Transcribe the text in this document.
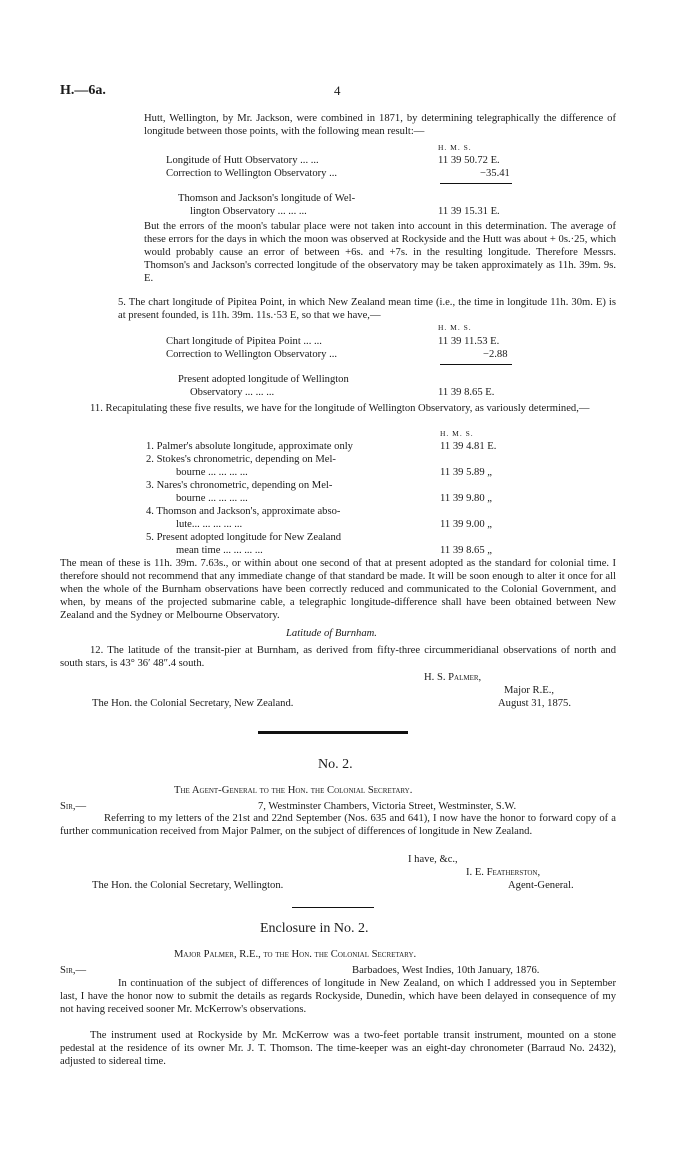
H.—6a.	4
Hutt, Wellington, by Mr. Jackson, were combined in 1871, by determining telegraphically the difference of longitude between those points, with the following mean result:—
H. M. S.
Longitude of Hutt Observatory ... ...	11 39 50.72 E.
Correction to Wellington Observatory ...	−35.41
Thomson and Jackson's longitude of Wel-
lington Observatory ... ... ...	11 39 15.31 E.
But the errors of the moon's tabular place were not taken into account in this determination. The average of these errors for the days in which the moon was observed at Rockyside and the Hutt was about + 0s.·25, which would probably cause an error of between +6s. and +7s. in the resulting longitude. Therefore Messrs. Thomson's and Jackson's corrected longitude of the observatory may be taken approximately as 11h. 39m. 9s. E.
5. The chart longitude of Pipitea Point, in which New Zealand mean time (i.e., the time in longitude 11h. 30m. E) is at present founded, is 11h. 39m. 11s.·53 E, so that we have,—
H. M. S.
Chart longitude of Pipitea Point ... ...	11 39 11.53 E.
Correction to Wellington Observatory ...	−2.88
Present adopted longitude of Wellington
Observatory ... ... ...	11 39 8.65 E.
11. Recapitulating these five results, we have for the longitude of Wellington Observatory, as variously determined,—
H. M. S.
1. Palmer's absolute longitude, approximate only	11 39 4.81 E.
2. Stokes's chronometric, depending on Mel-
bourne ... ... ... ...	11 39 5.89 „
3. Nares's chronometric, depending on Mel-
bourne ... ... ... ...	11 39 9.80 „
4. Thomson and Jackson's, approximate abso-
lute... ... ... ... ...	11 39 9.00 „
5. Present adopted longitude for New Zealand
mean time ... ... ... ...	11 39 8.65 „
The mean of these is 11h. 39m. 7.63s., or within about one second of that at present adopted as the standard for colonial time. I therefore should not recommend that any immediate change of that standard be made. It will be soon enough to alter it once for all when the whole of the Burnham observations have been correctly reduced and communicated to the Colonial Government, and when, by means of the projected submarine cable, a telegraphic longitude-difference shall have been obtained between New Zealand and the Sydney or Melbourne Observatory.
Latitude of Burnham.
12. The latitude of the transit-pier at Burnham, as derived from fifty-three circummeridianal observations of north and south stars, is 43° 36′ 48″.4 south.
H. S. Palmer,
Major R.E.,
August 31, 1875.
The Hon. the Colonial Secretary, New Zealand.
No. 2.
The Agent-General to the Hon. the Colonial Secretary.
Sir,—	7, Westminster Chambers, Victoria Street, Westminster, S.W.
Referring to my letters of the 21st and 22nd September (Nos. 635 and 641), I now have the honor to forward copy of a further communication received from Major Palmer, on the subject of differences of longitude in New Zealand.
I have, &c.,
I. E. Featherston,
Agent-General.
The Hon. the Colonial Secretary, Wellington.
Enclosure in No. 2.
Major Palmer, R.E., to the Hon. the Colonial Secretary.
Sir,—	Barbadoes, West Indies, 10th January, 1876.
In continuation of the subject of differences of longitude in New Zealand, on which I addressed you in September last, I have the honor now to submit the details as regards Rockyside, Dunedin, which have been delayed in consequence of my not having received sooner Mr. McKerrow's observations.
The instrument used at Rockyside by Mr. McKerrow was a two-feet portable transit instrument, mounted on a stone pedestal at the residence of its owner Mr. J. T. Thomson. The time-keeper was an eight-day chronometer (Barraud No. 2432), adjusted to sidereal time.
